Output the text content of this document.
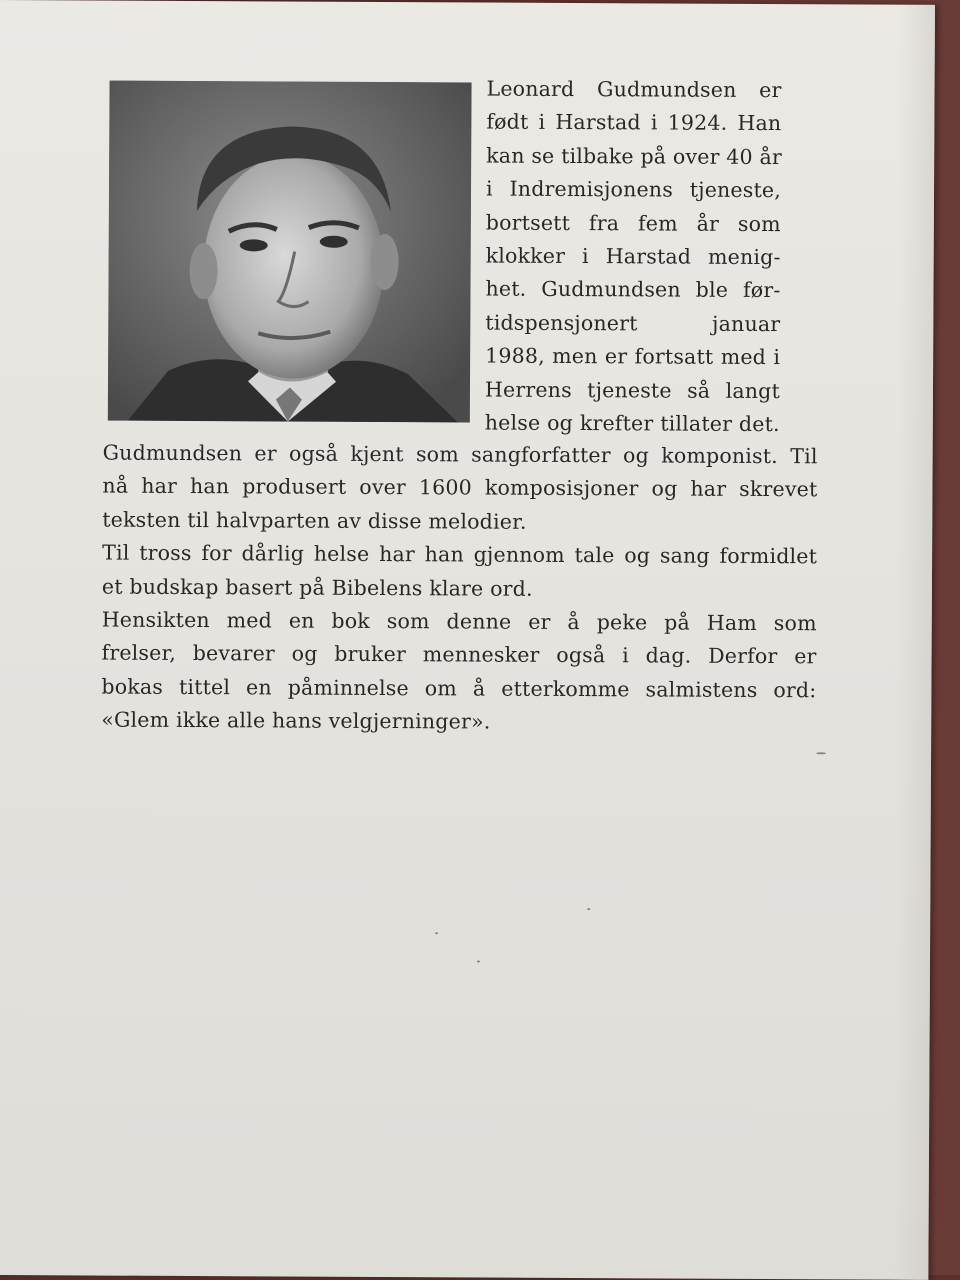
Leonard Gudmundsen er
født i Harstad i 1924. Han
kan se tilbake på over 40 år
i Indremisjonens tjeneste,
bortsett fra fem år som
klokker i Harstad menig-
het. Gudmundsen ble før-
tidspensjonert januar
1988, men er fortsatt med i
Herrens tjeneste så langt
helse og krefter tillater det.
Gudmundsen er også kjent som sangforfatter og komponist. Til
nå har han produsert over 1600 komposisjoner og har skrevet
teksten til halvparten av disse melodier.
Til tross for dårlig helse har han gjennom tale og sang formidlet
et budskap basert på Bibelens klare ord.
Hensikten med en bok som denne er å peke på Ham som
frelser, bevarer og bruker mennesker også i dag. Derfor er
bokas tittel en påminnelse om å etterkomme salmistens ord:
«Glem ikke alle hans velgjerninger».
